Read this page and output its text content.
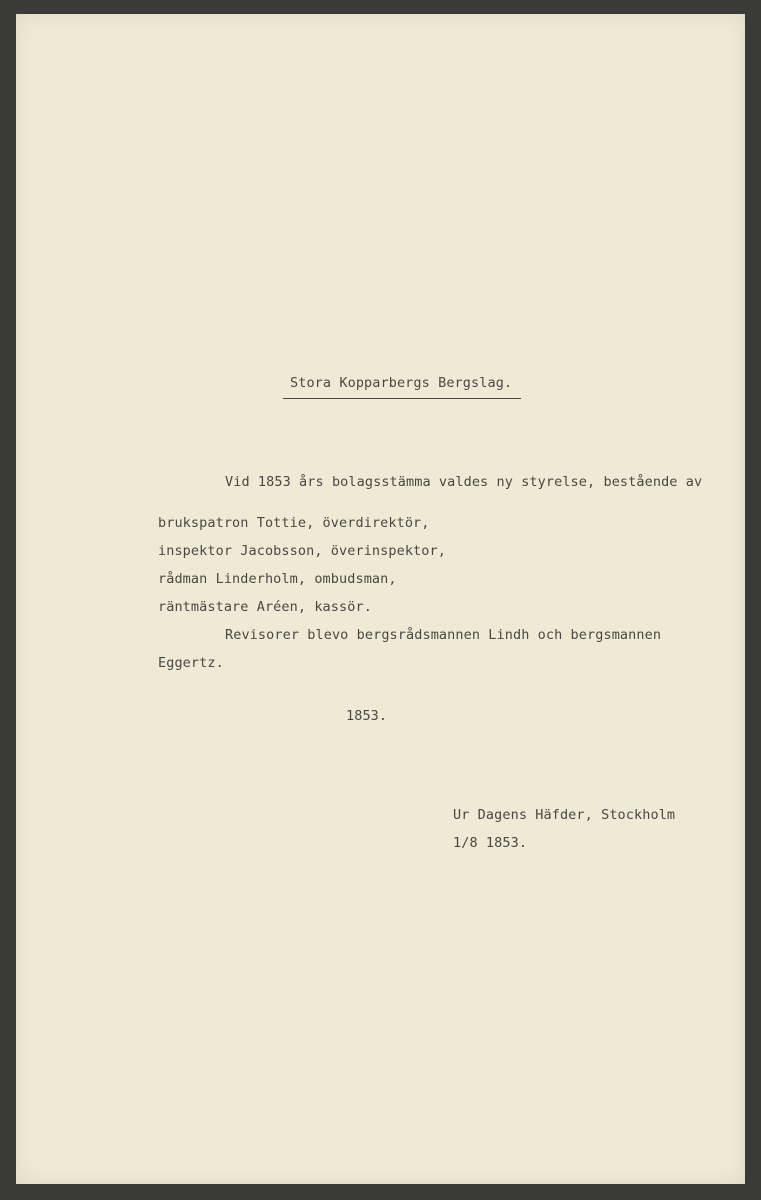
Stora Kopparbergs Bergslag.
Vid 1853 års bolagsstämma valdes ny styrelse, bestående av
brukspatron Tottie, överdirektör,
inspektor Jacobsson, överinspektor,
rådman Linderholm, ombudsman,
räntmästare Aréen, kassör.
Revisorer blevo bergsrådsmannen Lindh och bergsmannen
Eggertz.
1853.
Ur Dagens Häfder, Stockholm
1/8 1853.
